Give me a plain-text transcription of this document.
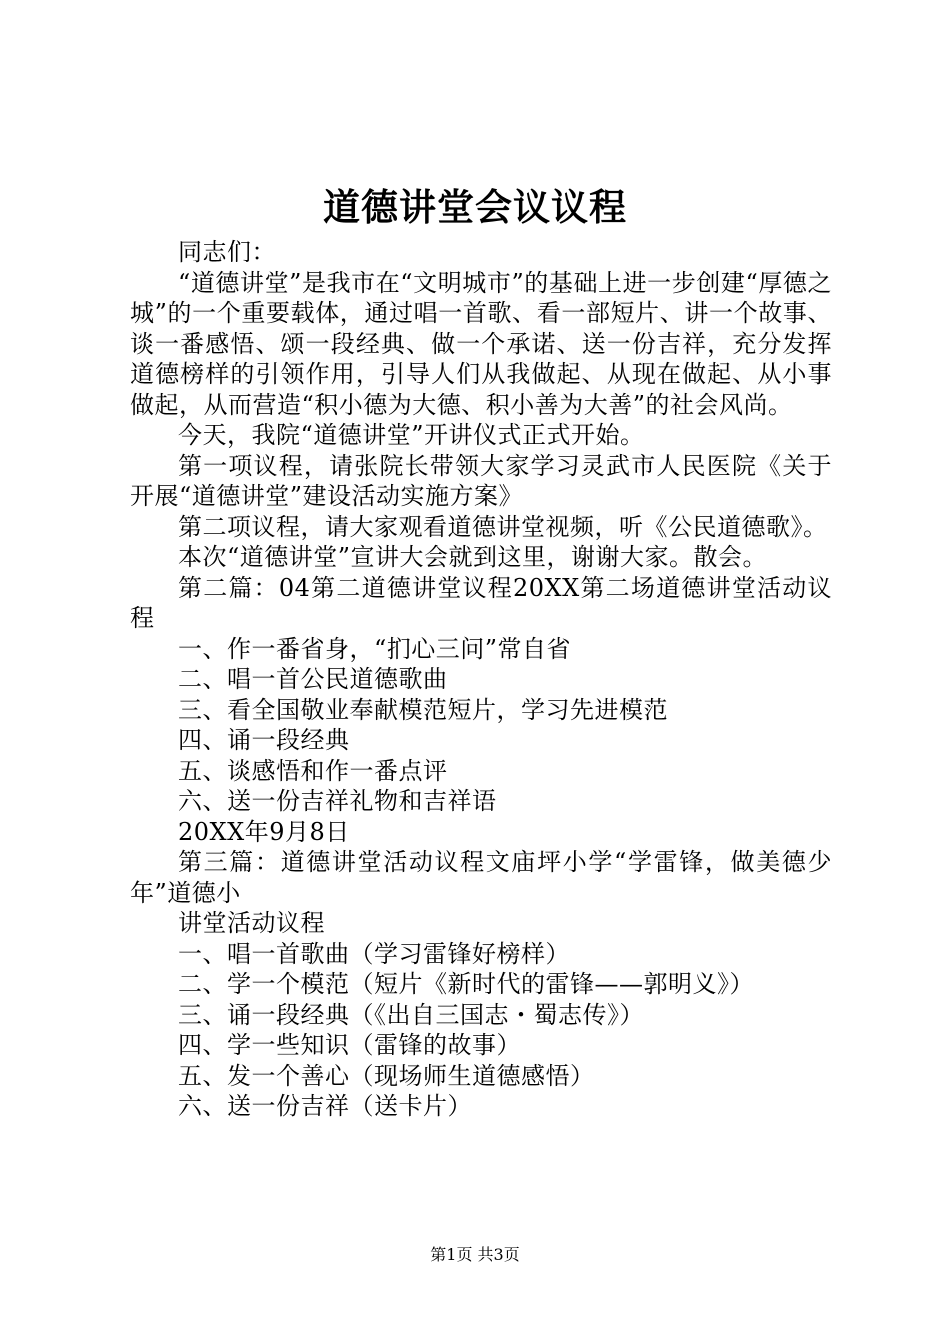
道德讲堂会议议程

同志们：

“道德讲堂”是我市在“文明城市”的基础上进一步创建“厚德之城”的一个重要载体，通过唱一首歌、看一部短片、讲一个故事、谈一番感悟、颂一段经典、做一个承诺、送一份吉祥，充分发挥道德榜样的引领作用，引导人们从我做起、从现在做起、从小事做起，从而营造“积小德为大德、积小善为大善”的社会风尚。

今天，我院“道德讲堂”开讲仪式正式开始。

第一项议程，请张院长带领大家学习灵武市人民医院《关于开展“道德讲堂”建设活动实施方案》

第二项议程，请大家观看道德讲堂视频，听《公民道德歌》。

本次“道德讲堂”宣讲大会就到这里，谢谢大家。散会。

第二篇：04第二道德讲堂议程20XX第二场道德讲堂活动议程

一、作一番省身，“扪心三问”常自省

二、唱一首公民道德歌曲

三、看全国敬业奉献模范短片，学习先进模范

四、诵一段经典

五、谈感悟和作一番点评

六、送一份吉祥礼物和吉祥语

20XX年9月8日

第三篇：道德讲堂活动议程文庙坪小学“学雷锋，做美德少年”道德小

讲堂活动议程

一、唱一首歌曲（学习雷锋好榜样）

二、学一个模范（短片《新时代的雷锋——郭明义》）

三、诵一段经典（《出自三国志・蜀志传》）

四、学一些知识（雷锋的故事）

五、发一个善心（现场师生道德感悟）

六、送一份吉祥（送卡片）

第1页 共3页
